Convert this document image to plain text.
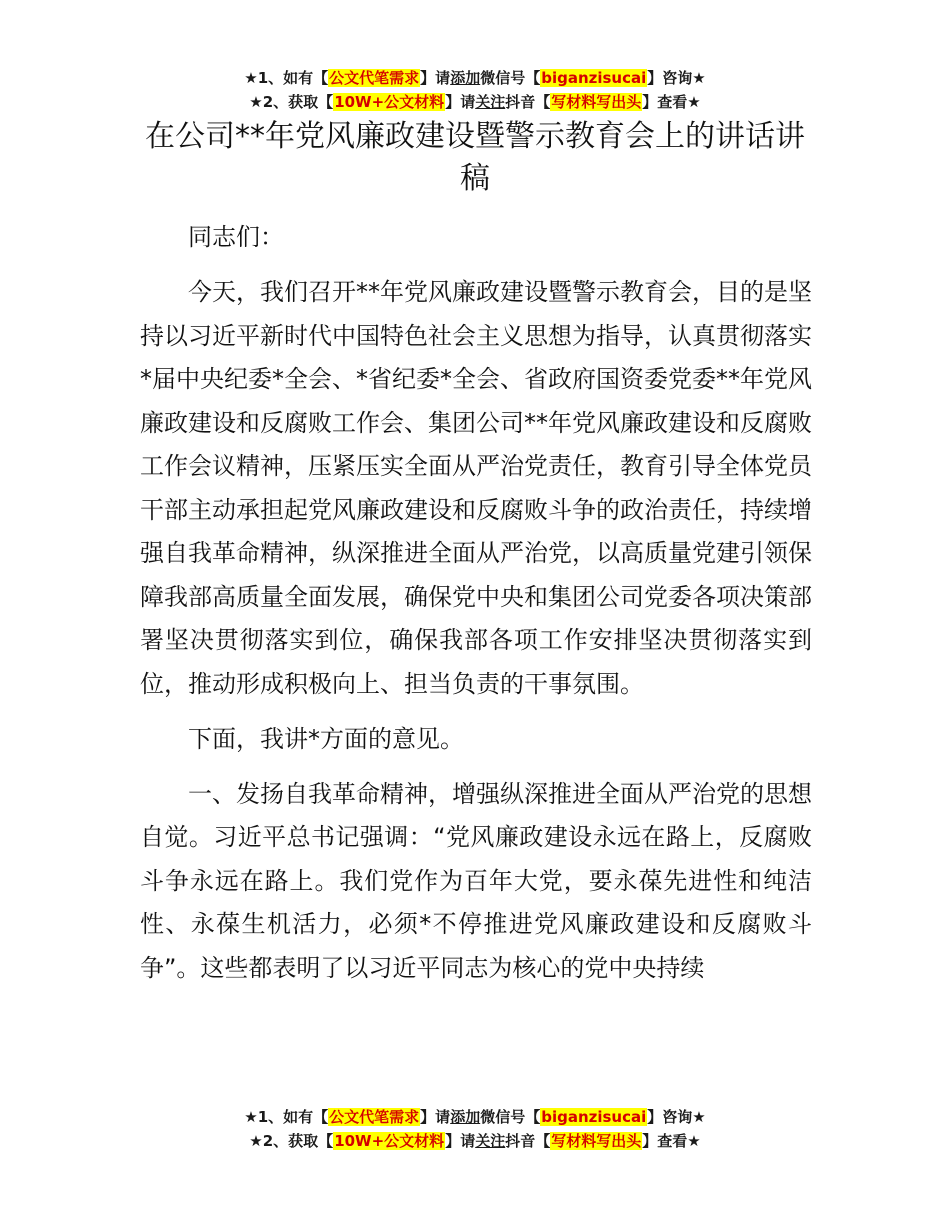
★1、如有【公文代笔需求】请添加微信号【biganzisucai】咨询★
★2、获取【10W+公文材料】请关注抖音【写材料写出头】查看★
在公司**年党风廉政建设暨警示教育会上的讲话讲稿

同志们：

今天，我们召开**年党风廉政建设暨警示教育会，目的是坚持以习近平新时代中国特色社会主义思想为指导，认真贯彻落实*届中央纪委*全会、*省纪委*全会、省政府国资委党委**年党风廉政建设和反腐败工作会、集团公司**年党风廉政建设和反腐败工作会议精神，压紧压实全面从严治党责任，教育引导全体党员干部主动承担起党风廉政建设和反腐败斗争的政治责任，持续增强自我革命精神，纵深推进全面从严治党，以高质量党建引领保障我部高质量全面发展，确保党中央和集团公司党委各项决策部署坚决贯彻落实到位，确保我部各项工作安排坚决贯彻落实到位，推动形成积极向上、担当负责的干事氛围。

下面，我讲*方面的意见。

一、发扬自我革命精神，增强纵深推进全面从严治党的思想自觉。习近平总书记强调：“党风廉政建设永远在路上，反腐败斗争永远在路上。我们党作为百年大党，要永葆先进性和纯洁性、永葆生机活力，必须*不停推进党风廉政建设和反腐败斗争”。这些都表明了以习近平同志为核心的党中央持续

★1、如有【公文代笔需求】请添加微信号【biganzisucai】咨询★
★2、获取【10W+公文材料】请关注抖音【写材料写出头】查看★
